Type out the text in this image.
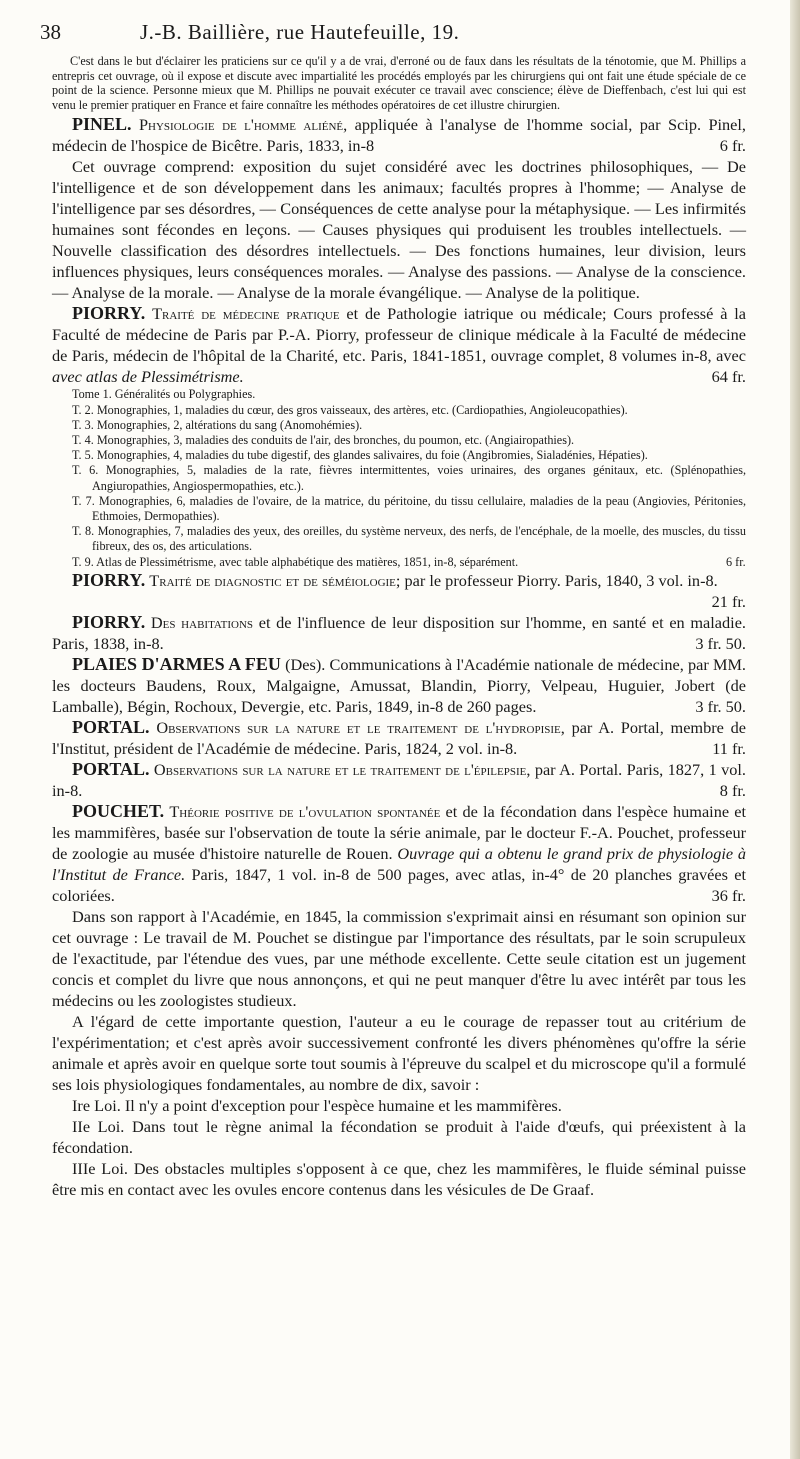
38	J.-B. Baillière, rue Hautefeuille, 19.

C'est dans le but d'éclairer les praticiens sur ce qu'il y a de vrai, d'erroné ou de faux dans les résultats de la ténotomie, que M. Phillips a entrepris cet ouvrage, où il expose et discute avec impartialité les procédés employés par les chirurgiens qui ont fait une étude spéciale de ce point de la science. Personne mieux que M. Phillips ne pouvait exécuter ce travail avec conscience; élève de Dieffenbach, c'est lui qui est venu le premier pratiquer en France et faire connaître les méthodes opératoires de cet illustre chirurgien.

PINEL. Physiologie de l'homme aliéné, appliquée à l'analyse de l'homme social, par Scip. Pinel, médecin de l'hospice de Bicêtre. Paris, 1833, in-8	6 fr.

Cet ouvrage comprend: exposition du sujet considéré avec les doctrines philosophiques, — De l'intelligence et de son développement dans les animaux; facultés propres à l'homme; — Analyse de l'intelligence par ses désordres, — Conséquences de cette analyse pour la métaphysique. — Les infirmités humaines sont fécondes en leçons. — Causes physiques qui produisent les troubles intellectuels. — Nouvelle classification des désordres intellectuels. — Des fonctions humaines, leur division, leurs influences physiques, leurs conséquences morales. — Analyse des passions. — Analyse de la conscience. — Analyse de la morale. — Analyse de la morale évangélique. — Analyse de la politique.

PIORRY. Traité de médecine pratique et de Pathologie iatrique ou médicale; Cours professé à la Faculté de médecine de Paris par P.-A. Piorry, professeur de clinique médicale à la Faculté de médecine de Paris, médecin de l'hôpital de la Charité, etc. Paris, 1841-1851, ouvrage complet, 8 volumes in-8, avec avec atlas de Plessimétrisme.	64 fr.

Tome 1. Généralités ou Polygraphies.

T. 2. Monographies, 1, maladies du cœur, des gros vaisseaux, des artères, etc. (Cardiopathies, Angioleucopathies).

T. 3. Monographies, 2, altérations du sang (Anomohémies).

T. 4. Monographies, 3, maladies des conduits de l'air, des bronches, du poumon, etc. (Angiairopathies).

T. 5. Monographies, 4, maladies du tube digestif, des glandes salivaires, du foie (Angibromies, Sialadénies, Hépaties).

T. 6. Monographies, 5, maladies de la rate, fièvres intermittentes, voies urinaires, des organes génitaux, etc. (Splénopathies, Angiuropathies, Angiospermopathies, etc.).

T. 7. Monographies, 6, maladies de l'ovaire, de la matrice, du péritoine, du tissu cellulaire, maladies de la peau (Angiovies, Péritonies, Ethmoies, Dermopathies).

T. 8. Monographies, 7, maladies des yeux, des oreilles, du système nerveux, des nerfs, de l'encéphale, de la moelle, des muscles, du tissu fibreux, des os, des articulations.

T. 9. Atlas de Plessimétrisme, avec table alphabétique des matières, 1851, in-8, séparément.	6 fr.

PIORRY. Traité de diagnostic et de séméiologie; par le professeur Piorry. Paris, 1840, 3 vol. in-8.
21 fr.

PIORRY. Des habitations et de l'influence de leur disposition sur l'homme, en santé et en maladie. Paris, 1838, in-8.	3 fr. 50.

PLAIES D'ARMES A FEU (Des). Communications à l'Académie nationale de médecine, par MM. les docteurs Baudens, Roux, Malgaigne, Amussat, Blandin, Piorry, Velpeau, Huguier, Jobert (de Lamballe), Bégin, Rochoux, Devergie, etc. Paris, 1849, in-8 de 260 pages.	3 fr. 50.

PORTAL. Observations sur la nature et le traitement de l'hydropisie, par A. Portal, membre de l'Institut, président de l'Académie de médecine. Paris, 1824, 2 vol. in-8.	11 fr.

PORTAL. Observations sur la nature et le traitement de l'épilepsie, par A. Portal. Paris, 1827, 1 vol. in-8.	8 fr.

POUCHET. Théorie positive de l'ovulation spontanée et de la fécondation dans l'espèce humaine et les mammifères, basée sur l'observation de toute la série animale, par le docteur F.-A. Pouchet, professeur de zoologie au musée d'histoire naturelle de Rouen. Ouvrage qui a obtenu le grand prix de physiologie à l'Institut de France. Paris, 1847, 1 vol. in-8 de 500 pages, avec atlas, in-4° de 20 planches gravées et coloriées.	36 fr.

Dans son rapport à l'Académie, en 1845, la commission s'exprimait ainsi en résumant son opinion sur cet ouvrage : Le travail de M. Pouchet se distingue par l'importance des résultats, par le soin scrupuleux de l'exactitude, par l'étendue des vues, par une méthode excellente. Cette seule citation est un jugement concis et complet du livre que nous annonçons, et qui ne peut manquer d'être lu avec intérêt par tous les médecins ou les zoologistes studieux.

A l'égard de cette importante question, l'auteur a eu le courage de repasser tout au critérium de l'expérimentation; et c'est après avoir successivement confronté les divers phénomènes qu'offre la série animale et après avoir en quelque sorte tout soumis à l'épreuve du scalpel et du microscope qu'il a formulé ses lois physiologiques fondamentales, au nombre de dix, savoir :

Ire Loi. Il n'y a point d'exception pour l'espèce humaine et les mammifères.

IIe Loi. Dans tout le règne animal la fécondation se produit à l'aide d'œufs, qui préexistent à la fécondation.

IIIe Loi. Des obstacles multiples s'opposent à ce que, chez les mammifères, le fluide séminal puisse être mis en contact avec les ovules encore contenus dans les vésicules de De Graaf.
